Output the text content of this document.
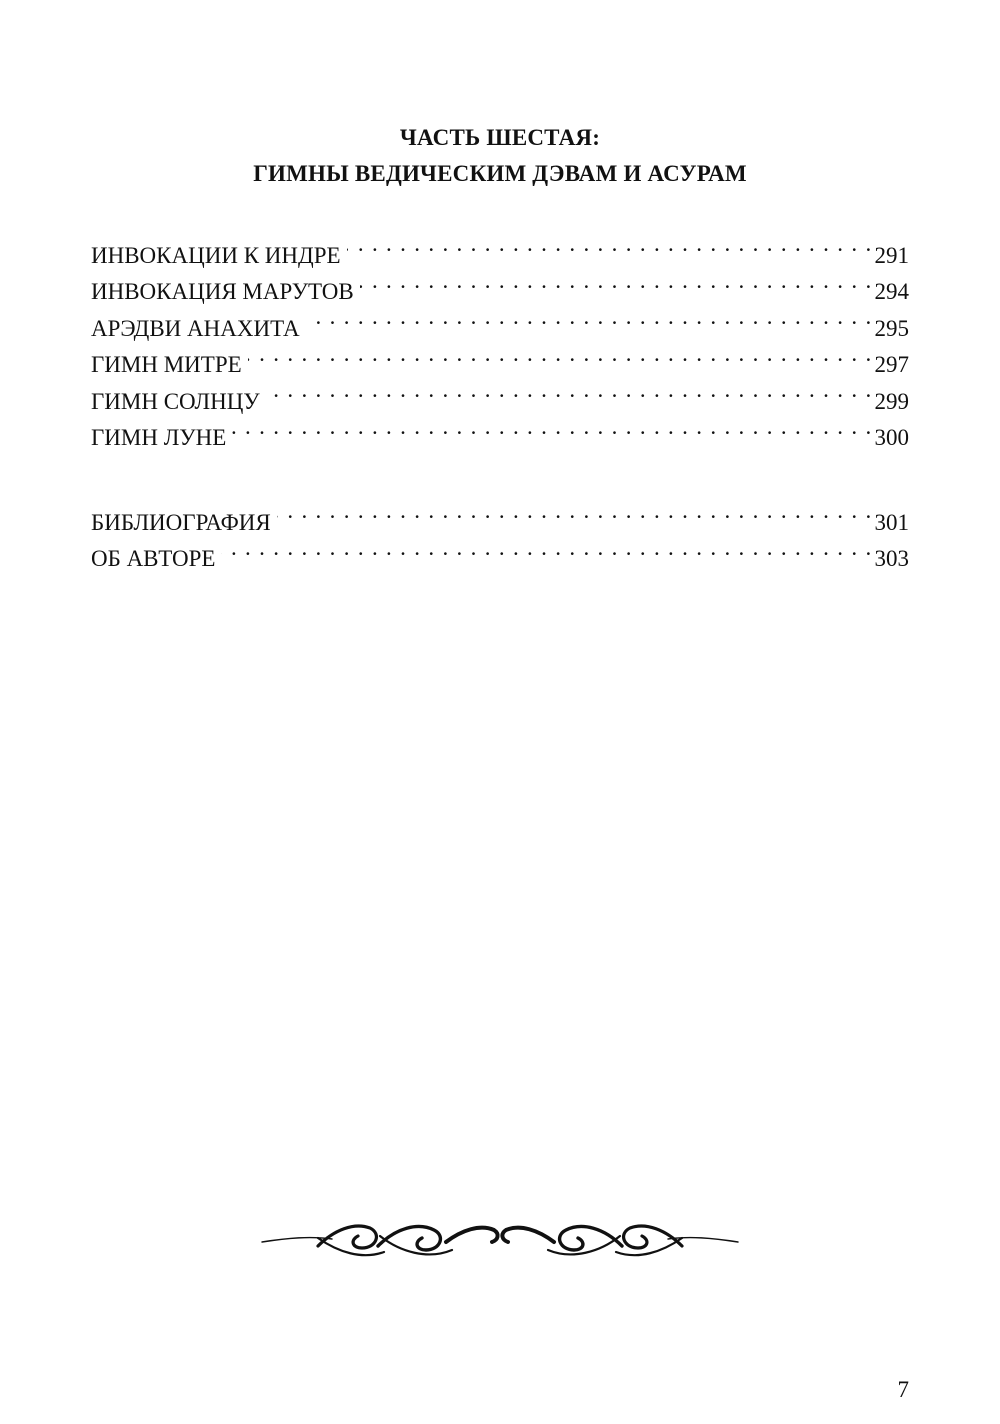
ЧАСТЬ ШЕСТАЯ:
ГИМНЫ ВЕДИЧЕСКИМ ДЭВАМ И АСУРАМ
ИНВОКАЦИИ К ИНДРЕ . . .	291
ИНВОКАЦИЯ МАРУТОВ . . .	294
АРЭДВИ АНАХИТА . . .	295
ГИМН МИТРЕ . . .	297
ГИМН СОЛНЦУ . . .	299
ГИМН ЛУНЕ . . .	300
БИБЛИОГРАФИЯ . . .	301
ОБ АВТОРЕ . . .	303
7
